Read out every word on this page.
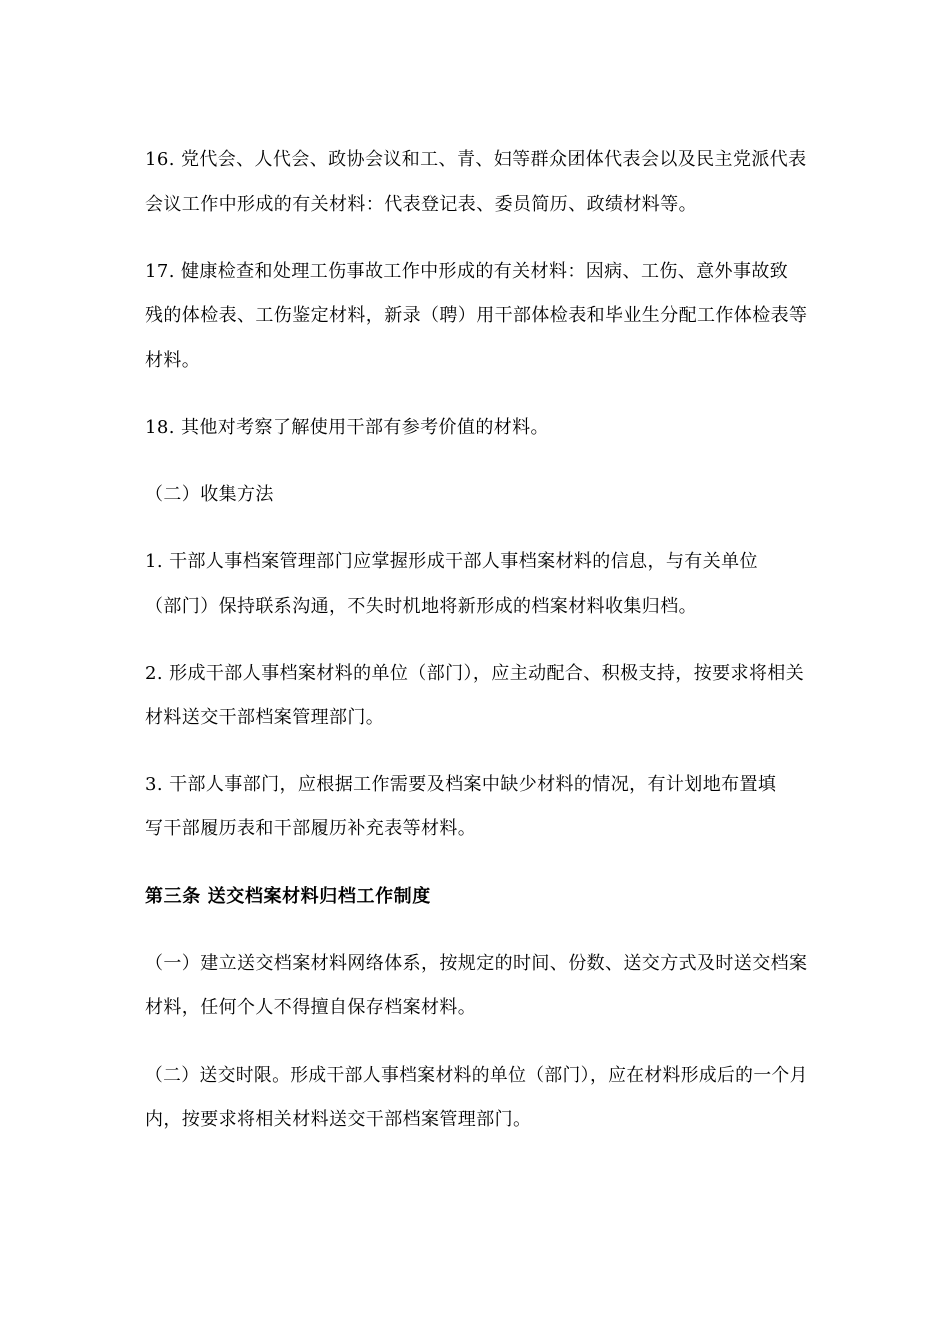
16. 党代会、人代会、政协会议和工、青、妇等群众团体代表会以及民主党派代表
会议工作中形成的有关材料：代表登记表、委员简历、政绩材料等。
17. 健康检查和处理工伤事故工作中形成的有关材料：因病、工伤、意外事故致
残的体检表、工伤鉴定材料，新录（聘）用干部体检表和毕业生分配工作体检表等
材料。
18. 其他对考察了解使用干部有参考价值的材料。
（二）收集方法
1. 干部人事档案管理部门应掌握形成干部人事档案材料的信息，与有关单位
（部门）保持联系沟通，不失时机地将新形成的档案材料收集归档。
2. 形成干部人事档案材料的单位（部门），应主动配合、积极支持，按要求将相关
材料送交干部档案管理部门。
3. 干部人事部门，应根据工作需要及档案中缺少材料的情况，有计划地布置填
写干部履历表和干部履历补充表等材料。
第三条 送交档案材料归档工作制度
（一）建立送交档案材料网络体系，按规定的时间、份数、送交方式及时送交档案
材料，任何个人不得擅自保存档案材料。
（二）送交时限。形成干部人事档案材料的单位（部门），应在材料形成后的一个月
内，按要求将相关材料送交干部档案管理部门。
